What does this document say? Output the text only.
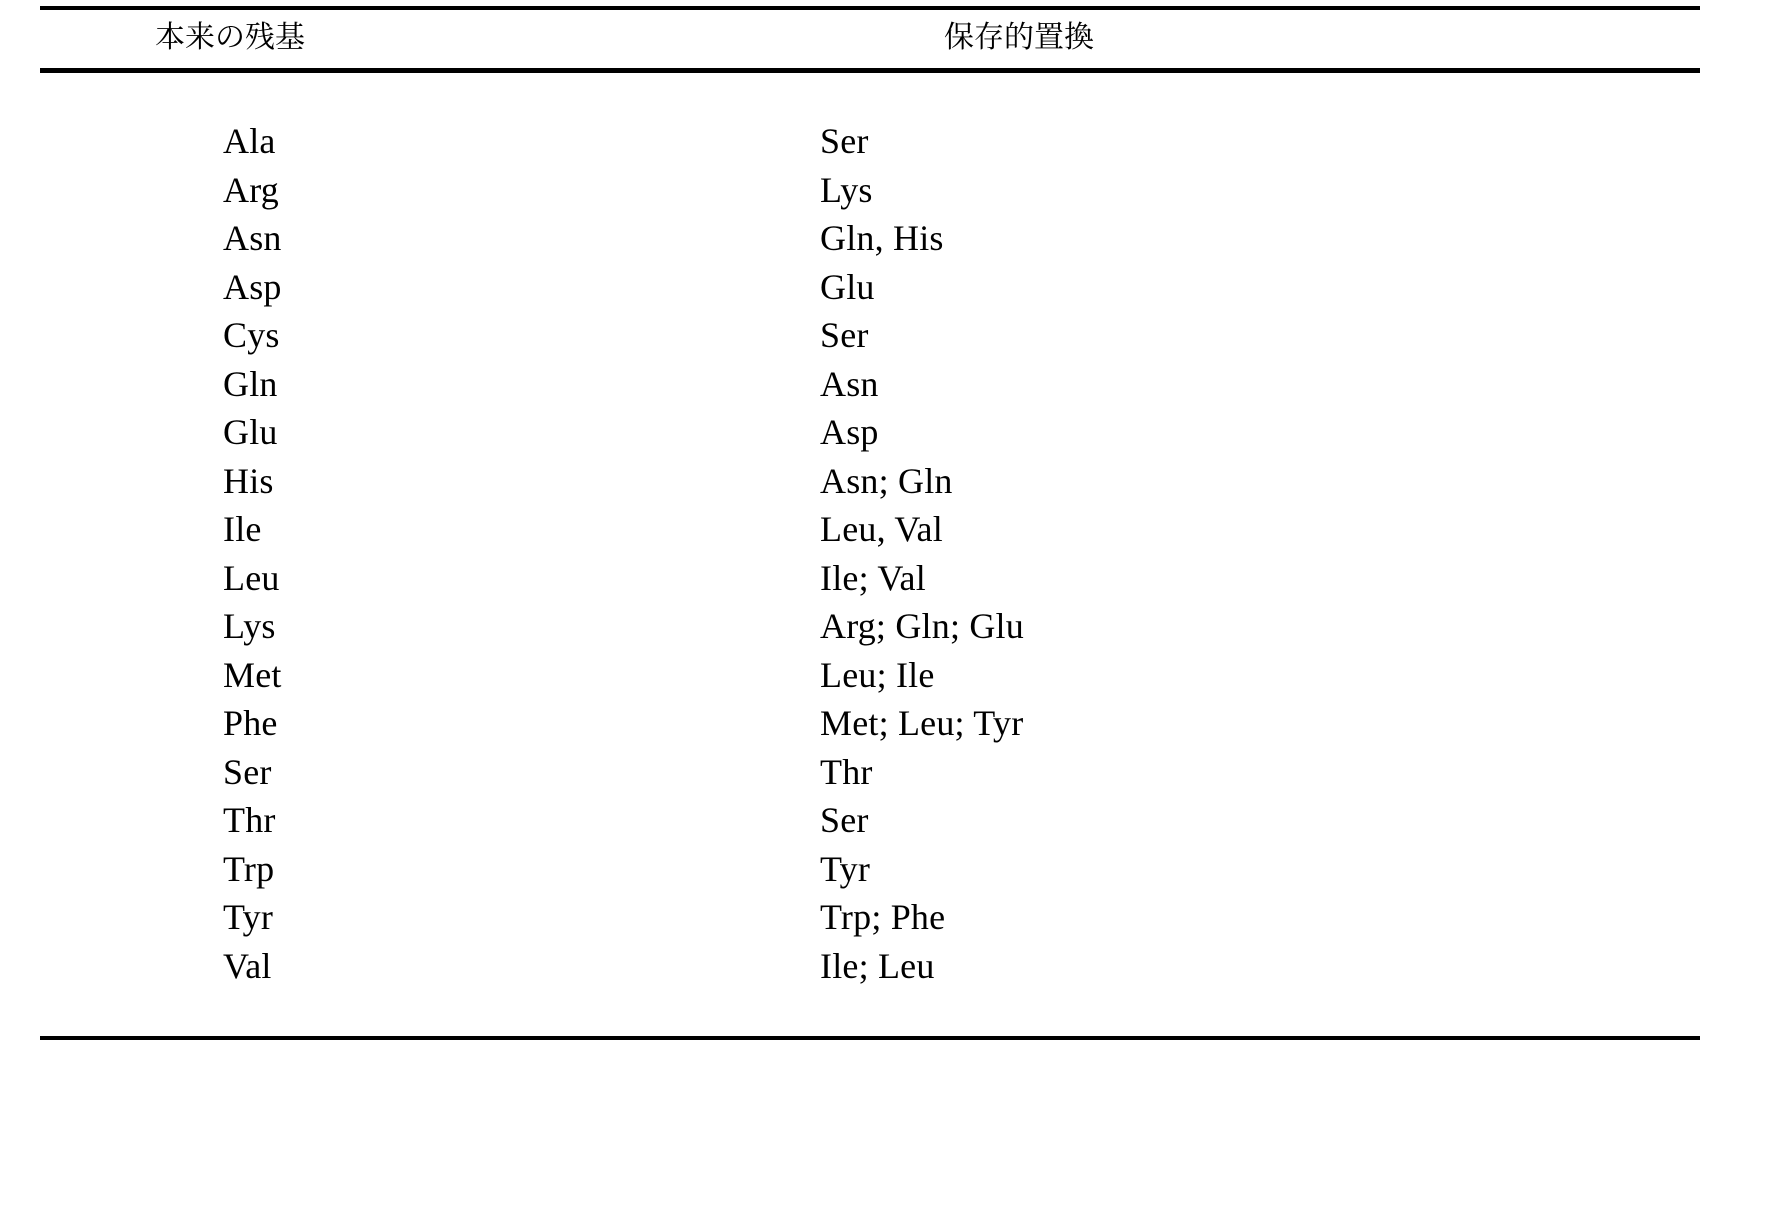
本来の残基	保存的置換
Ala	Ser
Arg	Lys
Asn	Gln, His
Asp	Glu
Cys	Ser
Gln	Asn
Glu	Asp
His	Asn; Gln
Ile	Leu, Val
Leu	Ile; Val
Lys	Arg; Gln; Glu
Met	Leu; Ile
Phe	Met; Leu; Tyr
Ser	Thr
Thr	Ser
Trp	Tyr
Tyr	Trp; Phe
Val	Ile; Leu
